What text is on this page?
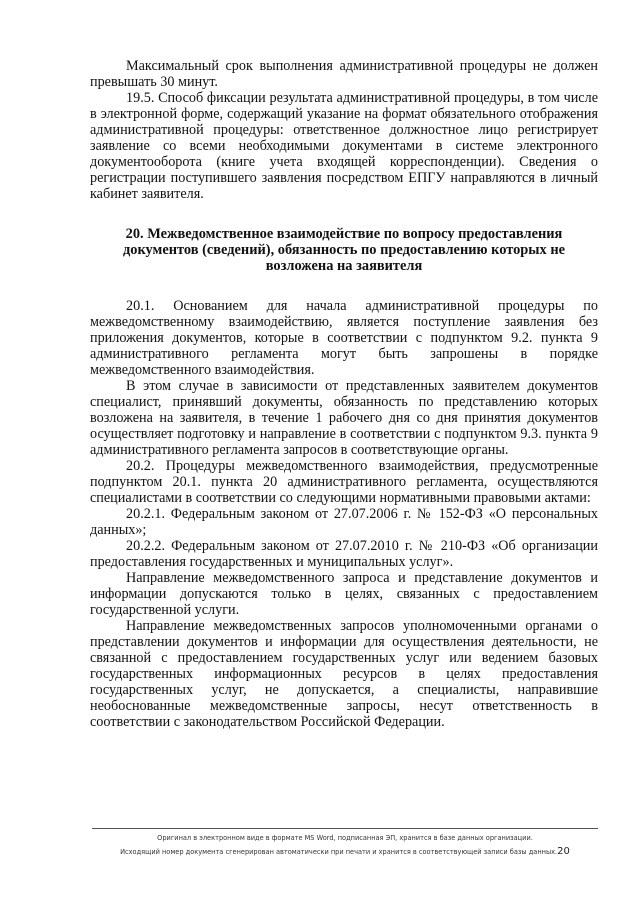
Максимальный срок выполнения административной процедуры не должен превышать 30 минут.

19.5. Способ фиксации результата административной процедуры, в том числе в электронной форме, содержащий указание на формат обязательного отображения административной процедуры: ответственное должностное лицо регистрирует заявление со всеми необходимыми документами в системе электронного документооборота (книге учета входящей корреспонденции). Сведения о регистрации поступившего заявления посредством ЕПГУ направляются в личный кабинет заявителя.

20. Межведомственное взаимодействие по вопросу предоставления документов (сведений), обязанность по предоставлению которых не возложена на заявителя

20.1. Основанием для начала административной процедуры по межведомственному взаимодействию, является поступление заявления без приложения документов, которые в соответствии с подпунктом 9.2. пункта 9 административного регламента могут быть запрошены в порядке межведомственного взаимодействия.

В этом случае в зависимости от представленных заявителем документов специалист, принявший документы, обязанность по представлению которых возложена на заявителя, в течение 1 рабочего дня со дня принятия документов осуществляет подготовку и направление в соответствии с подпунктом 9.3. пункта 9 административного регламента запросов в соответствующие органы.

20.2. Процедуры межведомственного взаимодействия, предусмотренные подпунктом 20.1. пункта 20 административного регламента, осуществляются специалистами в соответствии со следующими нормативными правовыми актами:

20.2.1. Федеральным законом от 27.07.2006 г. № 152-ФЗ «О персональных данных»;

20.2.2. Федеральным законом от 27.07.2010 г. № 210-ФЗ «Об организации предоставления государственных и муниципальных услуг».

Направление межведомственного запроса и представление документов и информации допускаются только в целях, связанных с предоставлением государственной услуги.

Направление межведомственных запросов уполномоченными органами о представлении документов и информации для осуществления деятельности, не связанной с предоставлением государственных услуг или ведением базовых государственных информационных ресурсов в целях предоставления государственных услуг, не допускается, а специалисты, направившие необоснованные межведомственные запросы, несут ответственность в соответствии с законодательством Российской Федерации.

Оригинал в электронном виде в формате MS Word, подписанная ЭП, хранится в базе данных организации.
Исходящий номер документа сгенерирован автоматически при печати и хранится в соответствующей записи базы данных.20
